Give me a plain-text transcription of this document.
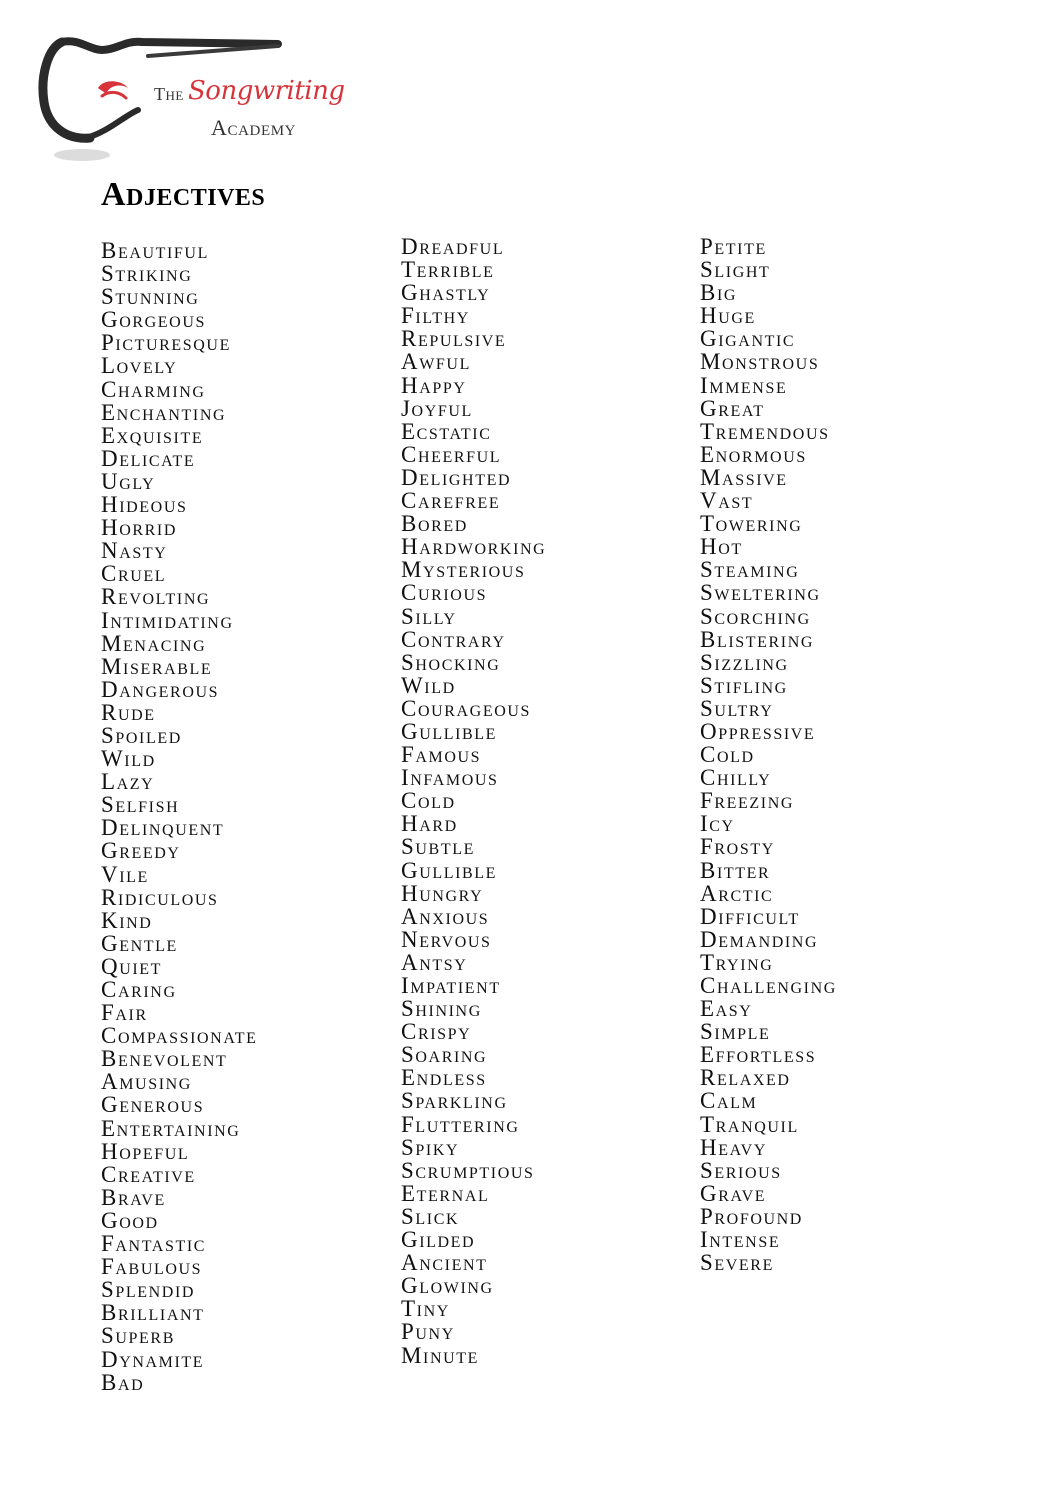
The Songwriting
Academy
Adjectives
Beautiful
Striking
Stunning
Gorgeous
Picturesque
Lovely
Charming
Enchanting
Exquisite
Delicate
Ugly
Hideous
Horrid
Nasty
Cruel
Revolting
Intimidating
Menacing
Miserable
Dangerous
Rude
Spoiled
Wild
Lazy
Selfish
Delinquent
Greedy
Vile
Ridiculous
Kind
Gentle
Quiet
Caring
Fair
Compassionate
Benevolent
Amusing
Generous
Entertaining
Hopeful
Creative
Brave
Good
Fantastic
Fabulous
Splendid
Brilliant
Superb
Dynamite
Bad
Dreadful
Terrible
Ghastly
Filthy
Repulsive
Awful
Happy
Joyful
Ecstatic
Cheerful
Delighted
Carefree
Bored
Hardworking
Mysterious
Curious
Silly
Contrary
Shocking
Wild
Courageous
Gullible
Famous
Infamous
Cold
Hard
Subtle
Gullible
Hungry
Anxious
Nervous
Antsy
Impatient
Shining
Crispy
Soaring
Endless
Sparkling
Fluttering
Spiky
Scrumptious
Eternal
Slick
Gilded
Ancient
Glowing
Tiny
Puny
Minute
Petite
Slight
Big
Huge
Gigantic
Monstrous
Immense
Great
Tremendous
Enormous
Massive
Vast
Towering
Hot
Steaming
Sweltering
Scorching
Blistering
Sizzling
Stifling
Sultry
Oppressive
Cold
Chilly
Freezing
Icy
Frosty
Bitter
Arctic
Difficult
Demanding
Trying
Challenging
Easy
Simple
Effortless
Relaxed
Calm
Tranquil
Heavy
Serious
Grave
Profound
Intense
Severe
